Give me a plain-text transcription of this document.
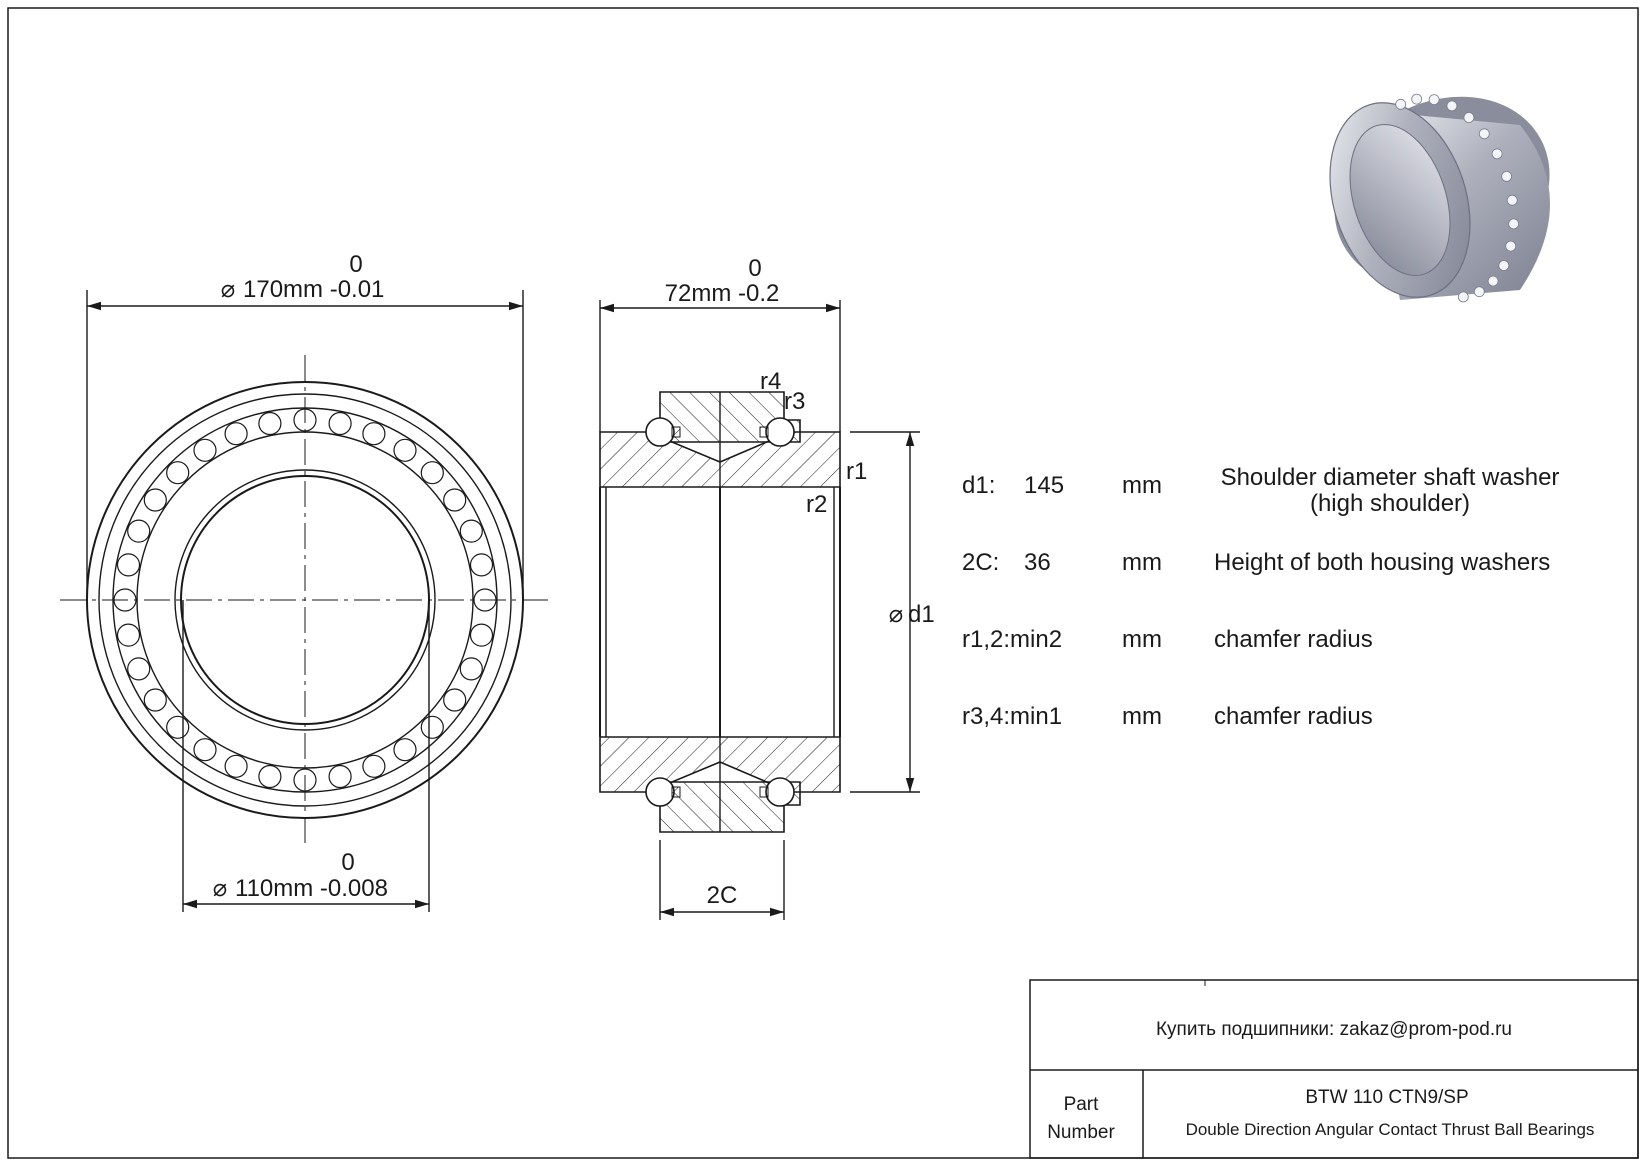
0
⌀ 170mm -0.01
0
⌀ 110mm -0.008
0
72mm -0.2
⌀ d1
2C
r4
r3
r1
r2
d1: 145 mm Shoulder diameter shaft washer
(high shoulder)
2C: 36	mm Height of both housing washers
r1,2:min2 mm chamfer radius
r3,4:min1 mm chamfer radius
Купить подшипники: zakaz@prom-pod.ru
Part
Number
BTW 110 CTN9/SP
Double Direction Angular Contact Thrust Ball Bearings
